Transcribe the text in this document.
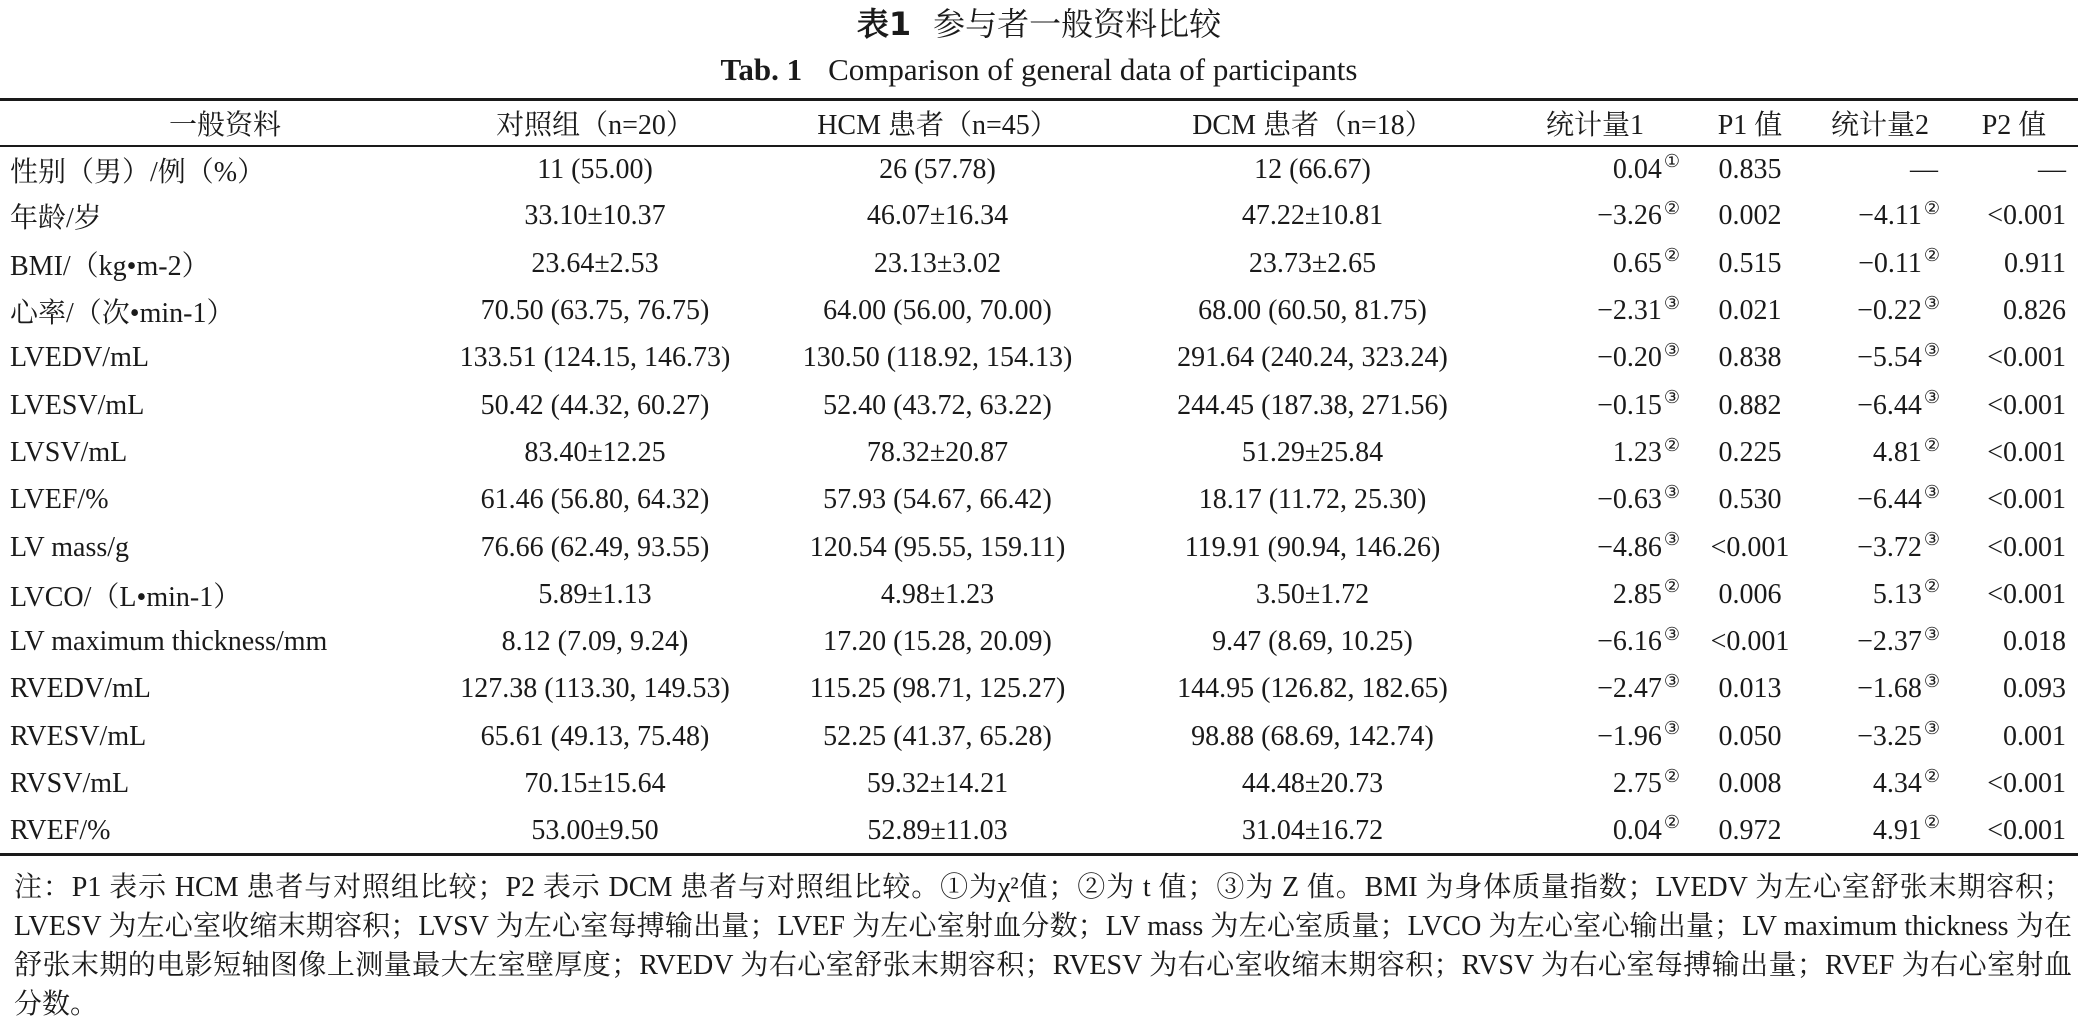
表1 参与者一般资料比较
Tab. 1 Comparison of general data of participants
一般资料	对照组（n=20）	HCM 患者（n=45）	DCM 患者（n=18）	统计量1	P1 值	统计量2	P2 值
性别（男）/例（%）	11 (55.00)	26 (57.78)	12 (66.67)	0.04 ①	0.835	—	—
年龄/岁	33.10±10.37	46.07±16.34	47.22±10.81	−3.26 ②	0.002	−4.11 ②	<0.001
BMI/（kg•m-2）	23.64±2.53	23.13±3.02	23.73±2.65	0.65 ②	0.515	−0.11 ②	0.911
心率/（次•min-1）	70.50 (63.75, 76.75)	64.00 (56.00, 70.00)	68.00 (60.50, 81.75)	−2.31 ③	0.021	−0.22 ③	0.826
LVEDV/mL	133.51 (124.15, 146.73)	130.50 (118.92, 154.13)	291.64 (240.24, 323.24)	−0.20 ③	0.838	−5.54 ③	<0.001
LVESV/mL	50.42 (44.32, 60.27)	52.40 (43.72, 63.22)	244.45 (187.38, 271.56)	−0.15 ③	0.882	−6.44 ③	<0.001
LVSV/mL	83.40±12.25	78.32±20.87	51.29±25.84	1.23 ②	0.225	4.81 ②	<0.001
LVEF/%	61.46 (56.80, 64.32)	57.93 (54.67, 66.42)	18.17 (11.72, 25.30)	−0.63 ③	0.530	−6.44 ③	<0.001
LV mass/g	76.66 (62.49, 93.55)	120.54 (95.55, 159.11)	119.91 (90.94, 146.26)	−4.86 ③	<0.001	−3.72 ③	<0.001
LVCO/（L•min-1）	5.89±1.13	4.98±1.23	3.50±1.72	2.85 ②	0.006	5.13 ②	<0.001
LV maximum thickness/mm	8.12 (7.09, 9.24)	17.20 (15.28, 20.09)	9.47 (8.69, 10.25)	−6.16 ③	<0.001	−2.37 ③	0.018
RVEDV/mL	127.38 (113.30, 149.53)	115.25 (98.71, 125.27)	144.95 (126.82, 182.65)	−2.47 ③	0.013	−1.68 ③	0.093
RVESV/mL	65.61 (49.13, 75.48)	52.25 (41.37, 65.28)	98.88 (68.69, 142.74)	−1.96 ③	0.050	−3.25 ③	0.001
RVSV/mL	70.15±15.64	59.32±14.21	44.48±20.73	2.75 ②	0.008	4.34 ②	<0.001
RVEF/%	53.00±9.50	52.89±11.03	31.04±16.72	0.04 ②	0.972	4.91 ②	<0.001
注：P1 表示 HCM 患者与对照组比较；P2 表示 DCM 患者与对照组比较。①为χ²值；②为 t 值；③为 Z 值。BMI 为身体质量指数；LVEDV 为左心室舒张末期容积；LVESV 为左心室收缩末期容积；LVSV 为左心室每搏输出量；LVEF 为左心室射血分数；LV mass 为左心室质量；LVCO 为左心室心输出量；LV maximum thickness 为在舒张末期的电影短轴图像上测量最大左室壁厚度；RVEDV 为右心室舒张末期容积；RVESV 为右心室收缩末期容积；RVSV 为右心室每搏输出量；RVEF 为右心室射血分数。
